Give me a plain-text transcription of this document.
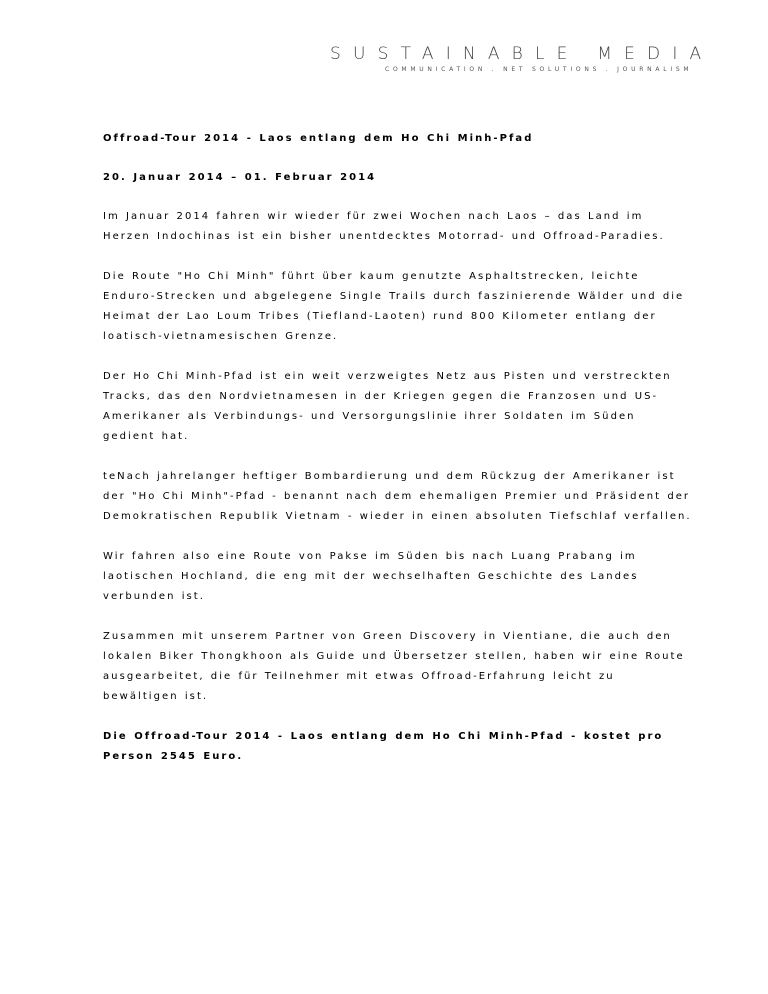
SUSTAINABLE MEDIA
COMMUNICATION . NET SOLUTIONS . JOURNALISM

Offroad-Tour 2014 - Laos entlang dem Ho Chi Minh-Pfad

20. Januar 2014 – 01. Februar 2014

Im Januar 2014 fahren wir wieder für zwei Wochen nach Laos – das Land im Herzen Indochinas ist ein bisher unentdecktes Motorrad- und Offroad-Paradies.

Die Route "Ho Chi Minh" führt über kaum genutzte Asphaltstrecken, leichte Enduro-Strecken und abgelegene Single Trails durch faszinierende Wälder und die Heimat der Lao Loum Tribes (Tiefland-Laoten) rund 800 Kilometer entlang der loatisch-vietnamesischen Grenze.

Der Ho Chi Minh-Pfad ist ein weit verzweigtes Netz aus Pisten und verstreckten Tracks, das den Nordvietnamesen in der Kriegen gegen die Franzosen und US-Amerikaner als Verbindungs- und Versorgungslinie ihrer Soldaten im Süden gedient hat.

teNach jahrelanger heftiger Bombardierung und dem Rückzug der Amerikaner ist der "Ho Chi Minh"-Pfad - benannt nach dem ehemaligen Premier und Präsident der Demokratischen Republik Vietnam - wieder in einen absoluten Tiefschlaf verfallen.

Wir fahren also eine Route von Pakse im Süden bis nach Luang Prabang im laotischen Hochland, die eng mit der wechselhaften Geschichte des Landes verbunden ist.

Zusammen mit unserem Partner von Green Discovery in Vientiane, die auch den lokalen Biker Thongkhoon als Guide und Übersetzer stellen, haben wir eine Route ausgearbeitet, die für Teilnehmer mit etwas Offroad-Erfahrung leicht zu bewältigen ist.

Die Offroad-Tour 2014 - Laos entlang dem Ho Chi Minh-Pfad - kostet pro Person 2545 Euro.
